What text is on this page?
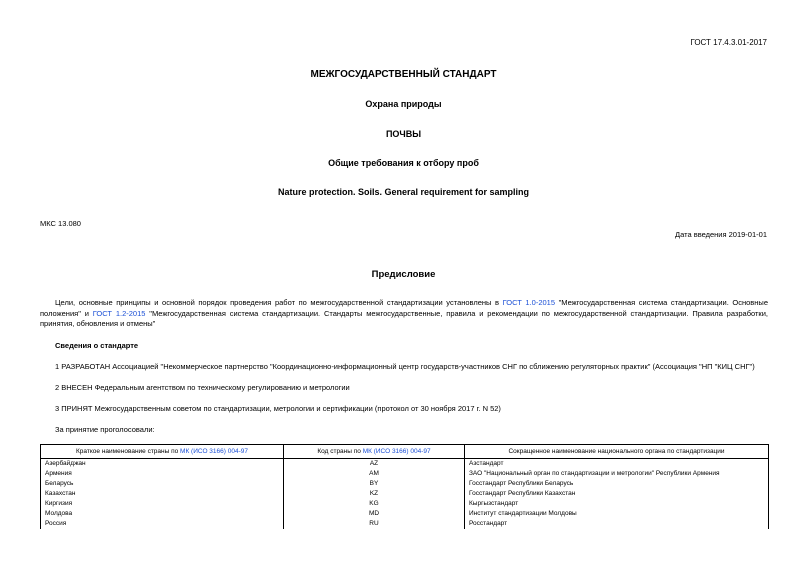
ГОСТ 17.4.3.01-2017
МЕЖГОСУДАРСТВЕННЫЙ СТАНДАРТ
Охрана природы
ПОЧВЫ
Общие требования к отбору проб
Nature protection. Soils. General requirement for sampling
МКС 13.080
Дата введения 2019-01-01
Предисловие
Цели, основные принципы и основной порядок проведения работ по межгосударственной стандартизации установлены в ГОСТ 1.0-2015 "Межгосударственная система стандартизации. Основные положения" и ГОСТ 1.2-2015 "Межгосударственная система стандартизации. Стандарты межгосударственные, правила и рекомендации по межгосударственной стандартизации. Правила разработки, принятия, обновления и отмены"
Сведения о стандарте
1 РАЗРАБОТАН Ассоциацией "Некоммерческое партнерство "Координационно-информационный центр государств-участников СНГ по сближению регуляторных практик" (Ассоциация "НП "КИЦ СНГ")
2 ВНЕСЕН Федеральным агентством по техническому регулированию и метрологии
3 ПРИНЯТ Межгосударственным советом по стандартизации, метрологии и сертификации (протокол от 30 ноября 2017 г. N 52)
За принятие проголосовали:
Краткое наименование страны по МК (ИСО 3166) 004-97	Код страны по МК (ИСО 3166) 004-97	Сокращенное наименование национального органа по стандартизации
Азербайджан	AZ	Азстандарт
Армения	AM	ЗАО "Национальный орган по стандартизации и метрологии" Республики Армения
Беларусь	BY	Госстандарт Республики Беларусь
Казахстан	KZ	Госстандарт Республики Казахстан
Киргизия	KG	Кыргызстандарт
Молдова	MD	Институт стандартизации Молдовы
Россия	RU	Росстандарт
